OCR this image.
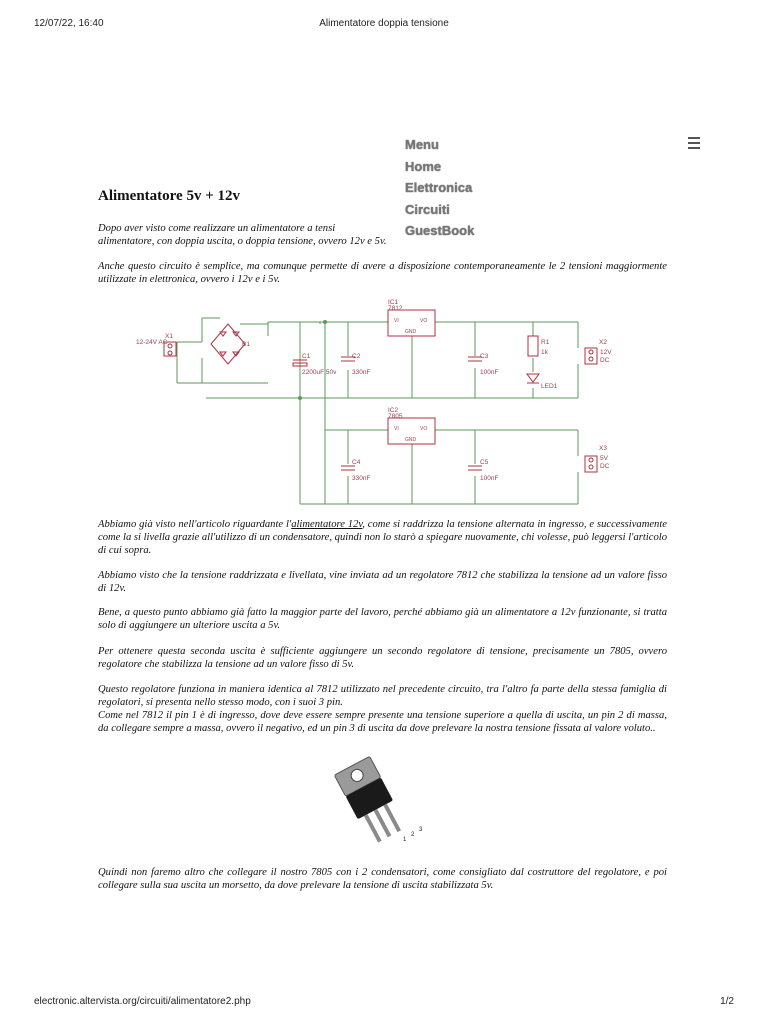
12/07/22, 16:40	Alimentatore doppia tensione
electronic.altervista.org/circuiti/alimentatore2.php	1/2
Menu
Home
Elettronica
Circuiti
GuestBook
Alimentatore 5v + 12v
Dopo aver visto come realizzare un alimentatore a tensi
alimentatore, con doppia uscita, o doppia tensione, ovvero 12v e 5v.
Anche questo circuito è semplice, ma comunque permette di avere a disposizione contemporaneamente le 2 tensioni maggiormente utilizzate in elettronica, ovvero i 12v e i 5v.
12-24V AC	B1
IC1
7812
VI	VO
GND
C1
2200uF 50v
C2
330nF
C3
100nF
R1
1k
LED1
X2
X1
12V
DC
IC2
7805
VI	VO
GND
C4
330nF
C5
100nF
X3
5V
DC
Abbiamo già visto nell'articolo riguardante l'alimentatore 12v, come si raddrizza la tensione alternata in ingresso, e successivamente come la si livella grazie all'utilizzo di un condensatore, quindi non lo starò a spiegare nuovamente, chi volesse, può leggersi l'articolo di cui sopra.
Abbiamo visto che la tensione raddrizzata e livellata, vine inviata ad un regolatore 7812 che stabilizza la tensione ad un valore fisso di 12v.
Bene, a questo punto abbiamo già fatto la maggior parte del lavoro, perché abbiamo già un alimentatore a 12v funzionante, si tratta solo di aggiungere un ulteriore uscita a 5v.
Per ottenere questa seconda uscita è sufficiente aggiungere un secondo regolatore di tensione, precisamente un 7805, ovvero regolatore che stabilizza la tensione ad un valore fisso di 5v.
Questo regolatore funziona in maniera identica al 7812 utilizzato nel precedente circuito, tra l'altro fa parte della stessa famiglia di regolatori, si presenta nello stesso modo, con i suoi 3 pin.
Come nel 7812 il pin 1 è di ingresso, dove deve essere sempre presente una tensione superiore a quella di uscita, un pin 2 di massa, da collegare sempre a massa, ovvero il negativo, ed un pin 3 di uscita da dove prelevare la nostra tensione fissata al valore voluto..
1
2
3
Quindi non faremo altro che collegare il nostro 7805 con i 2 condensatori, come consigliato dal costruttore del regolatore, e poi collegare sulla sua uscita un morsetto, da dove prelevare la tensione di uscita stabilizzata 5v.
